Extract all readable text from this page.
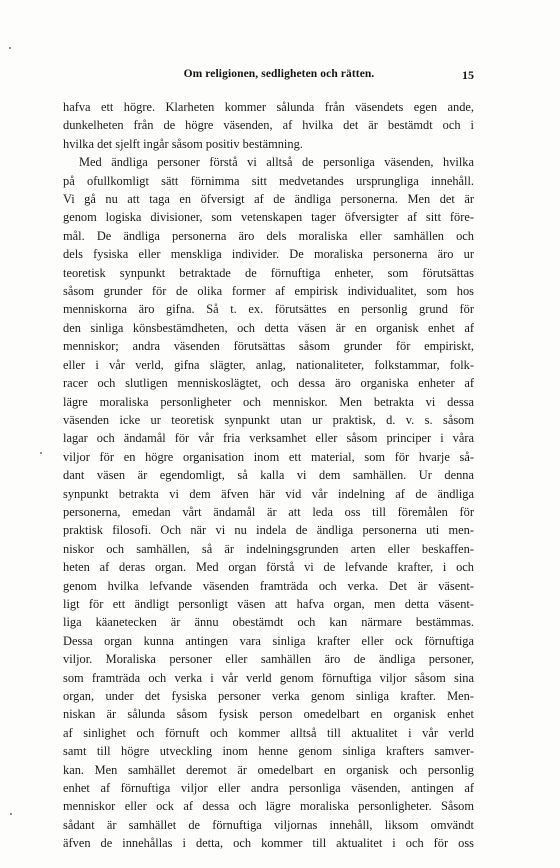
Om religionen, sedligheten och rätten.	15
hafva ett högre. Klarheten kommer sålunda från väsendets egen ande,
dunkelheten från de högre väsenden, af hvilka det är bestämdt och i
hvilka det sjelft ingår såsom positiv bestämning.
Med ändliga personer förstå vi alltså de personliga väsenden, hvilka
på ofullkomligt sätt förnimma sitt medvetandes ursprungliga innehåll.
Vi gå nu att taga en öfversigt af de ändliga personerna. Men det är
genom logiska divisioner, som vetenskapen tager öfversigter af sitt före-
mål. De ändliga personerna äro dels moraliska eller samhällen och
dels fysiska eller menskliga individer. De moraliska personerna äro ur
teoretisk synpunkt betraktade de förnuftiga enheter, som förutsättas
såsom grunder för de olika former af empirisk individualitet, som hos
menniskorna äro gifna. Så t. ex. förutsättes en personlig grund för
den sinliga könsbestämdheten, och detta väsen är en organisk enhet af
menniskor; andra väsenden förutsättas såsom grunder för empiriskt,
eller i vår verld, gifna slägter, anlag, nationaliteter, folkstammar, folk-
racer och slutligen menniskoslägtet, och dessa äro organiska enheter af
lägre moraliska personligheter och menniskor. Men betrakta vi dessa
väsenden icke ur teoretisk synpunkt utan ur praktisk, d. v. s. såsom
lagar och ändamål för vår fria verksamhet eller såsom principer i våra
viljor för en högre organisation inom ett material, som för hvarje så-
dant väsen är egendomligt, så kalla vi dem samhällen. Ur denna
synpunkt betrakta vi dem äfven här vid vår indelning af de ändliga
personerna, emedan vårt ändamål är att leda oss till föremålen för
praktisk filosofi. Och när vi nu indela de ändliga personerna uti men-
niskor och samhällen, så är indelningsgrunden arten eller beskaffen-
heten af deras organ. Med organ förstå vi de lefvande krafter, i och
genom hvilka lefvande väsenden framträda och verka. Det är väsent-
ligt för ett ändligt personligt väsen att hafva organ, men detta väsent-
liga käanetecken är ännu obestämdt och kan närmare bestämmas.
Dessa organ kunna antingen vara sinliga krafter eller ock förnuftiga
viljor. Moraliska personer eller samhällen äro de ändliga personer,
som framträda och verka i vår verld genom förnuftiga viljor såsom sina
organ, under det fysiska personer verka genom sinliga krafter. Men-
niskan är sålunda såsom fysisk person omedelbart en organisk enhet
af sinlighet och förnuft och kommer alltså till aktualitet i vår verld
samt till högre utveckling inom henne genom sinliga krafters samver-
kan. Men samhället deremot är omedelbart en organisk och personlig
enhet af förnuftiga viljor eller andra personliga väsenden, antingen af
menniskor eller ock af dessa och lägre moraliska personligheter. Såsom
sådant är samhället de förnuftiga viljornas innehåll, liksom omvändt
äfven de innehållas i detta, och kommer till aktualitet i och för oss
